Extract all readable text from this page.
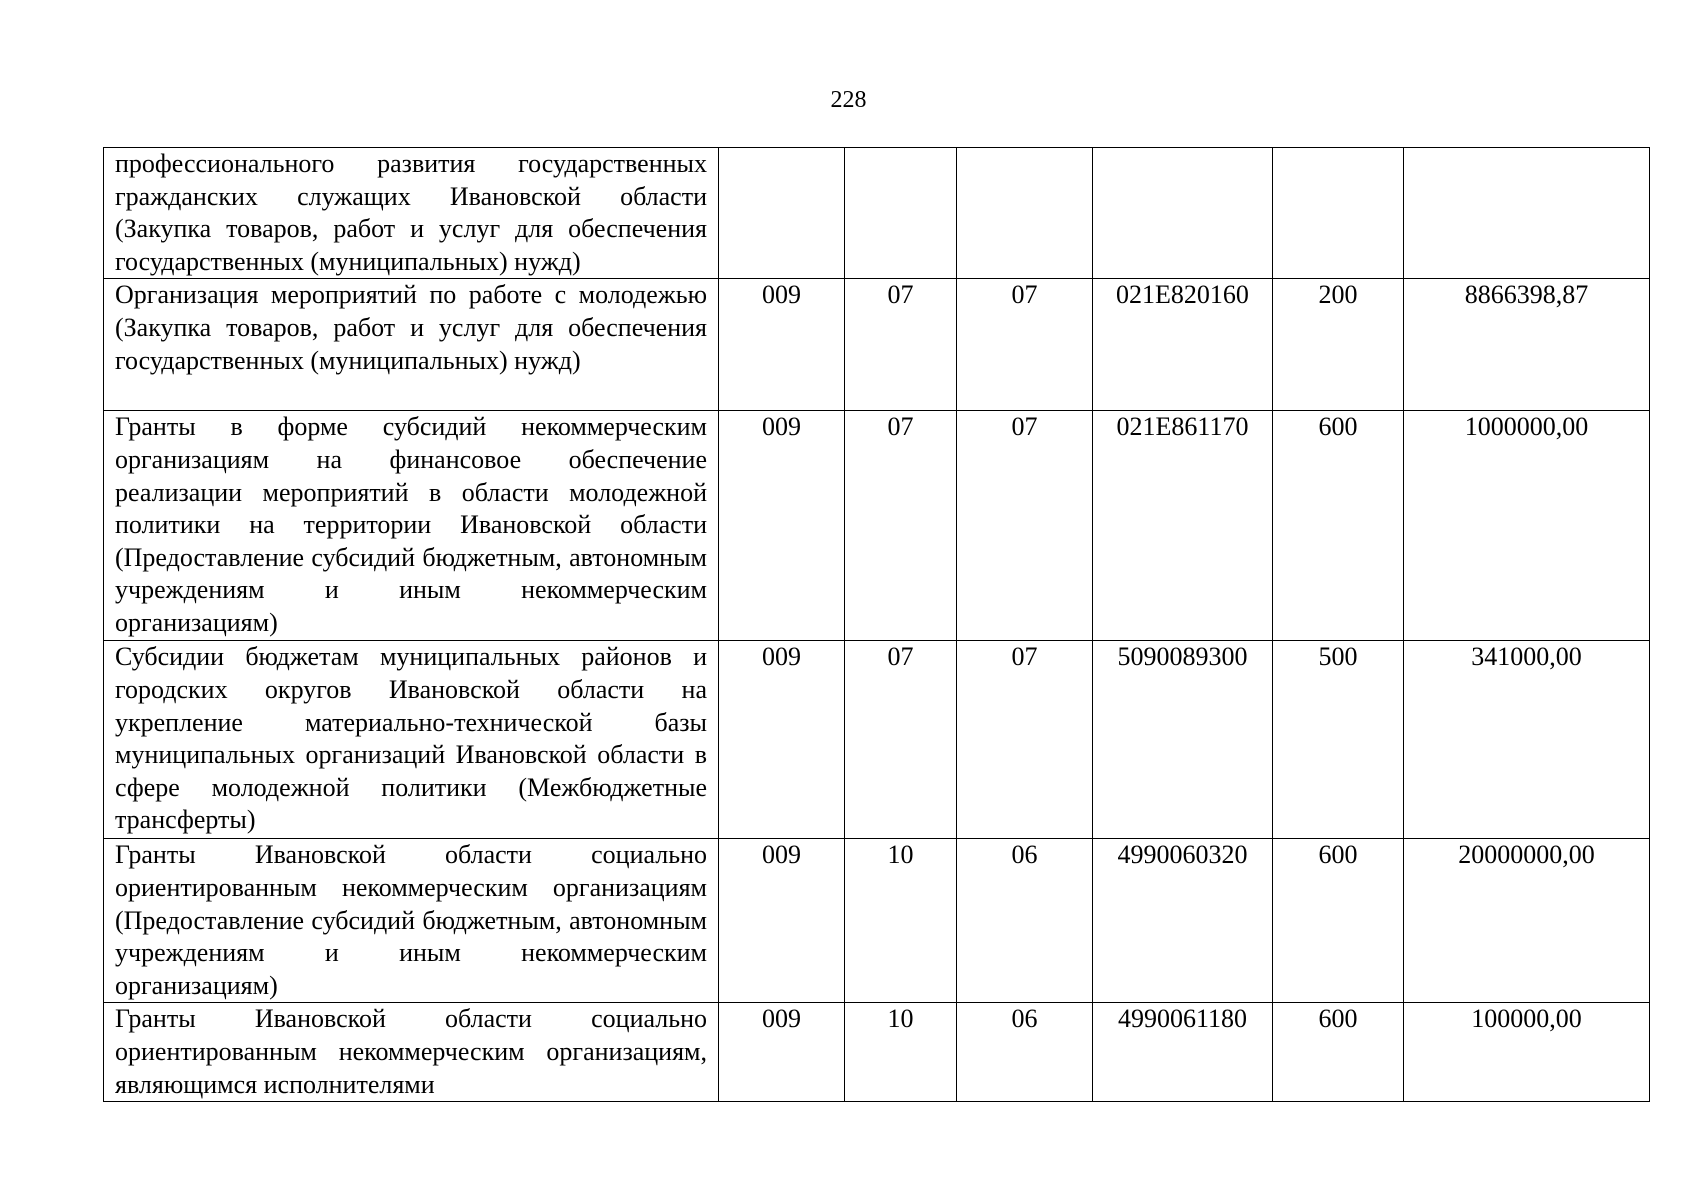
228
профессионального развития государственных гражданских служащих Ивановской области (Закупка товаров, работ и услуг для обеспечения государственных (муниципальных) нужд)						
Организация мероприятий по работе с молодежью (Закупка товаров, работ и услуг для обеспечения государственных (муниципальных) нужд)	009	07	07	021E820160	200	8866398,87
Гранты в форме субсидий некоммерческим организациям на финансовое обеспечение реализации мероприятий в области молодежной политики на территории Ивановской области (Предоставление субсидий бюджетным, автономным учреждениям и иным некоммерческим организациям)	009	07	07	021E861170	600	1000000,00
Субсидии бюджетам муниципальных районов и городских округов Ивановской области на укрепление материально-технической базы муниципальных организаций Ивановской области в сфере молодежной политики (Межбюджетные трансферты)	009	07	07	5090089300	500	341000,00
Гранты Ивановской области социально ориентированным некоммерческим организациям (Предоставление субсидий бюджетным, автономным учреждениям и иным некоммерческим организациям)	009	10	06	4990060320	600	20000000,00
Гранты Ивановской области социально ориентированным некоммерческим организациям, являющимся исполнителями	009	10	06	4990061180	600	100000,00
